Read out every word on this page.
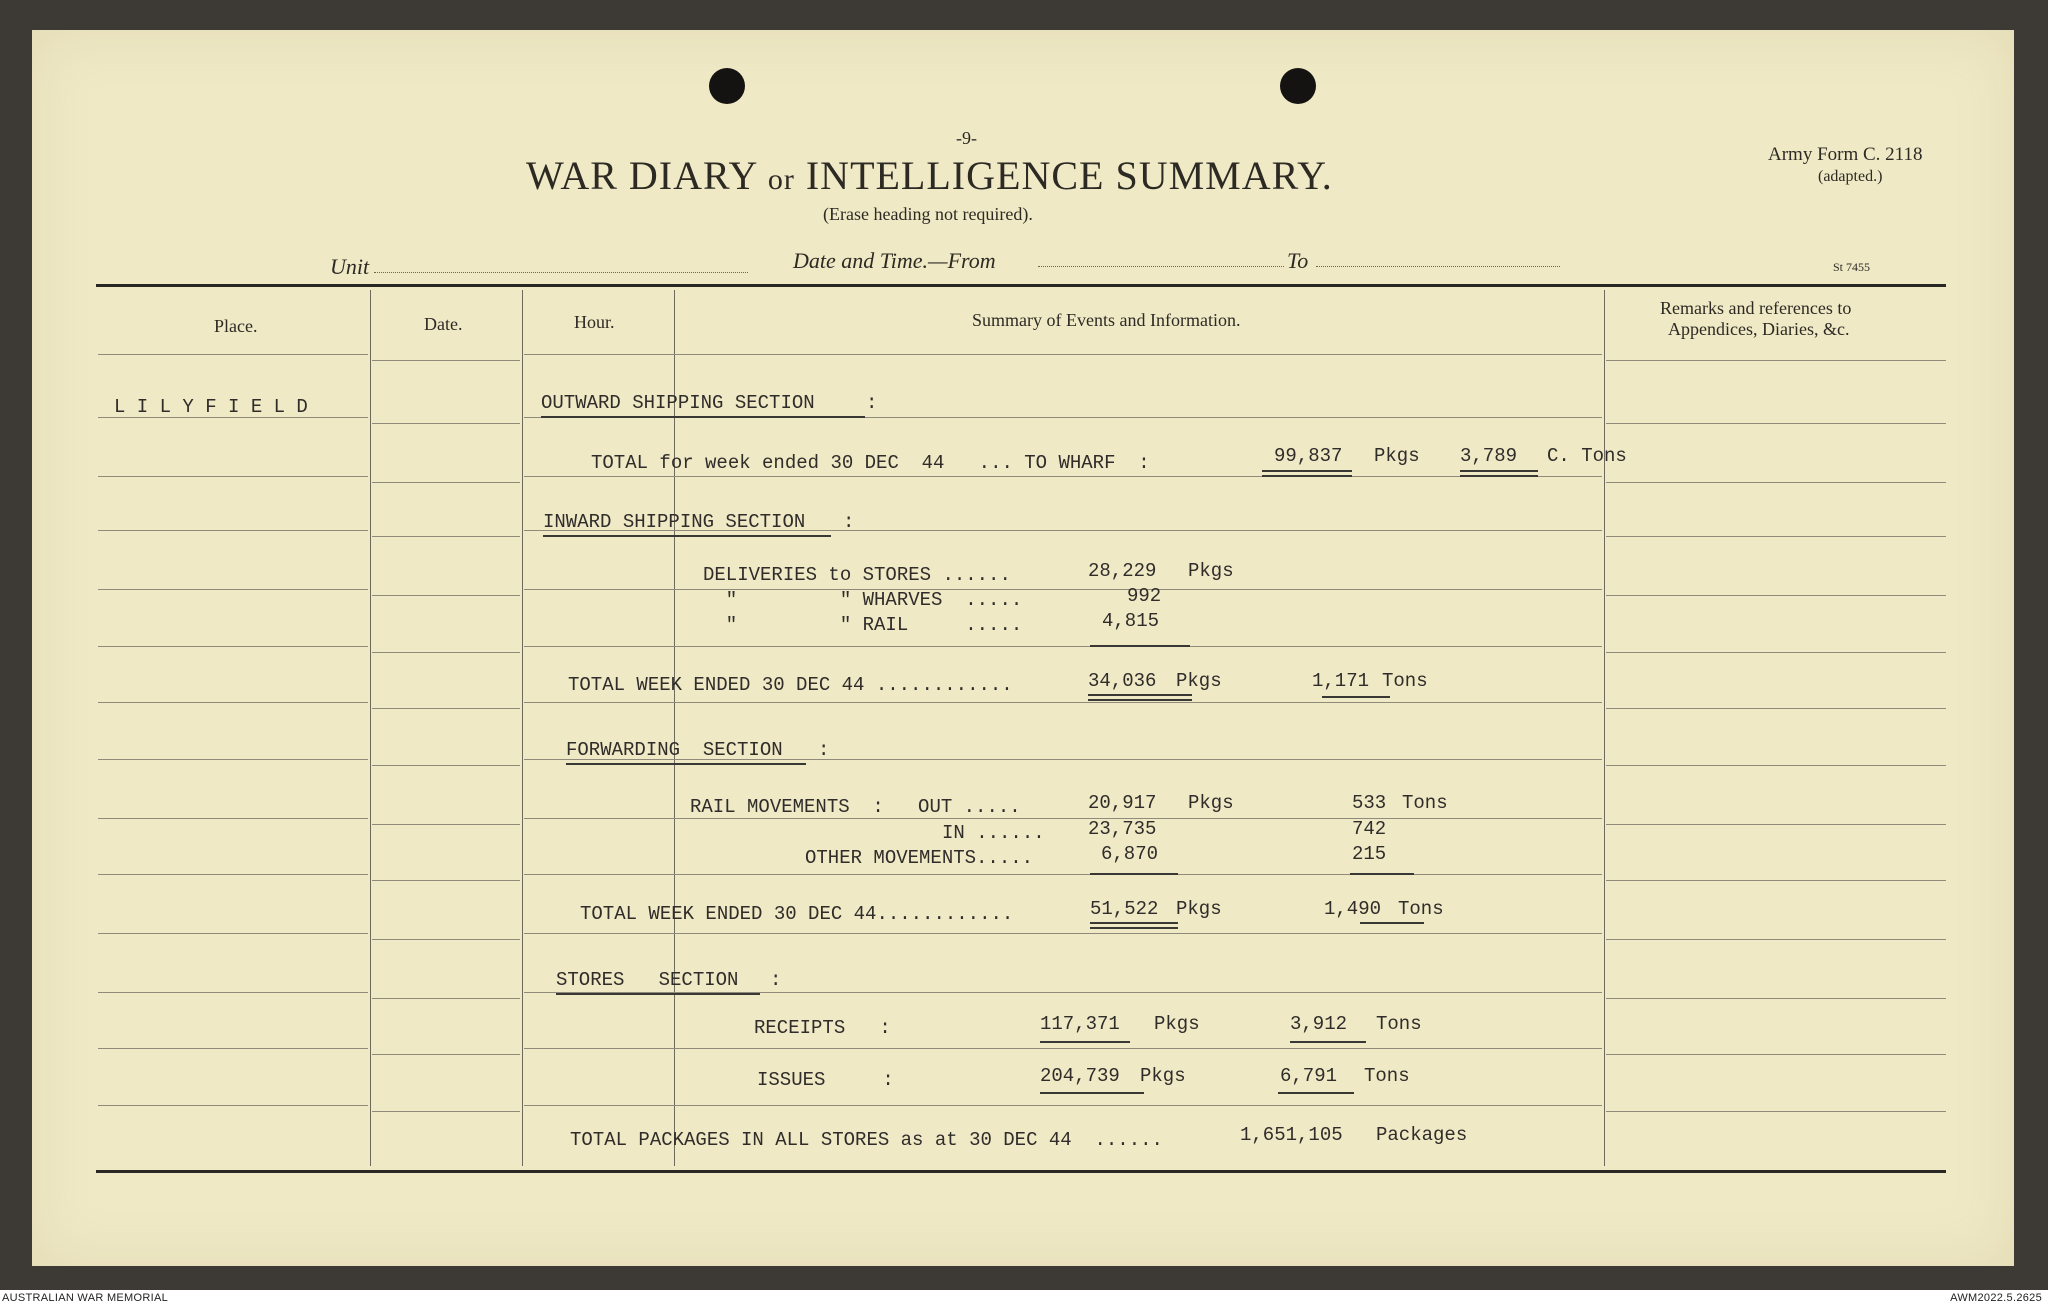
-9-
WAR DIARY or INTELLIGENCE SUMMARY.
(Erase heading not required).
Army Form C. 2118
(adapted.)
St 7455
Unit	Date and Time.—From	To
Place.	Date.	Hour.	Summary of Events and Information.
Remarks and references to
Appendices, Diaries, &c.
L I L Y F I E L D	OUTWARD SHIPPING SECTION	:
TOTAL for week ended 30 DEC  44   ... TO WHARF  :	99,837 Pkgs 3,789 C. Tons
INWARD SHIPPING SECTION :
DELIVERIES to STORES ......	28,229 Pkgs
"         " WHARVES  .....	992
"         " RAIL     .....	4,815
TOTAL WEEK ENDED 30 DEC 44 ............	34,036 Pkgs	1,171 Tons
FORWARDING  SECTION :
RAIL MOVEMENTS  :   OUT .....	20,917 Pkgs	533 Tons
IN ...... 23,735	742
OTHER MOVEMENTS.....	6,870	215
TOTAL WEEK ENDED 30 DEC 44............	51,522 Pkgs	1,490 Tons
STORES   SECTION :
RECEIPTS   :	117,371 Pkgs	3,912 Tons
ISSUES     :	204,739 Pkgs	6,791 Tons
TOTAL PACKAGES IN ALL STORES as at 30 DEC 44  ......	1,651,105 Packages
AUSTRALIAN WAR MEMORIAL	AWM2022.5.2625
